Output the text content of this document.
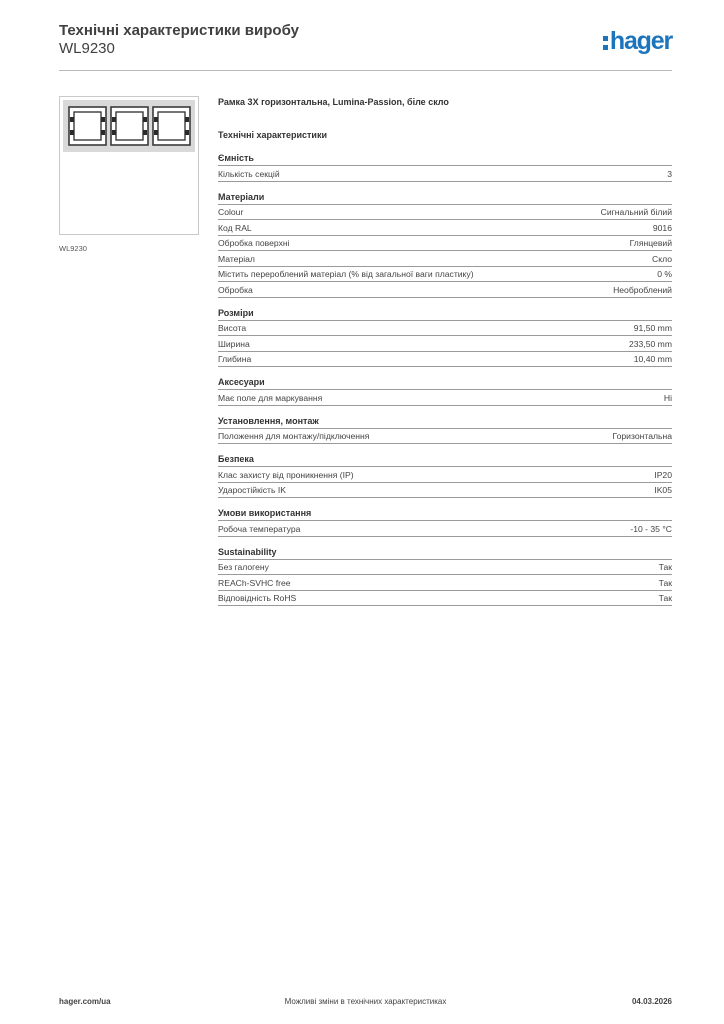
Технічні характеристики виробу
WL9230	hager
WL9230
Рамка 3Х горизонтальна, Lumina-Passion, біле скло
Технічні характеристики
Ємність
Кількість секцій	3
Матеріали
Colour	Сигнальний білий
Код RAL	9016
Обробка поверхні	Глянцевий
Матеріал	Скло
Містить перероблений матеріал (% від загальної ваги пластику)	0 %
Обробка	Необроблений
Розміри
Висота	91,50 mm
Ширина	233,50 mm
Глибина	10,40 mm
Аксесуари
Має поле для маркування	Ні
Установлення, монтаж
Положення для монтажу/підключення	Горизонтальна
Безпека
Клас захисту від проникнення (IP)	IP20
Ударостійкість IK	IK05
Умови використання
Робоча температура	-10 - 35 °C
Sustainability
Без галогену	Так
REACh-SVHC free	Так
Відповідність RoHS	Так
hager.com/ua	Можливі зміни в технічних характеристиках	04.03.2026
